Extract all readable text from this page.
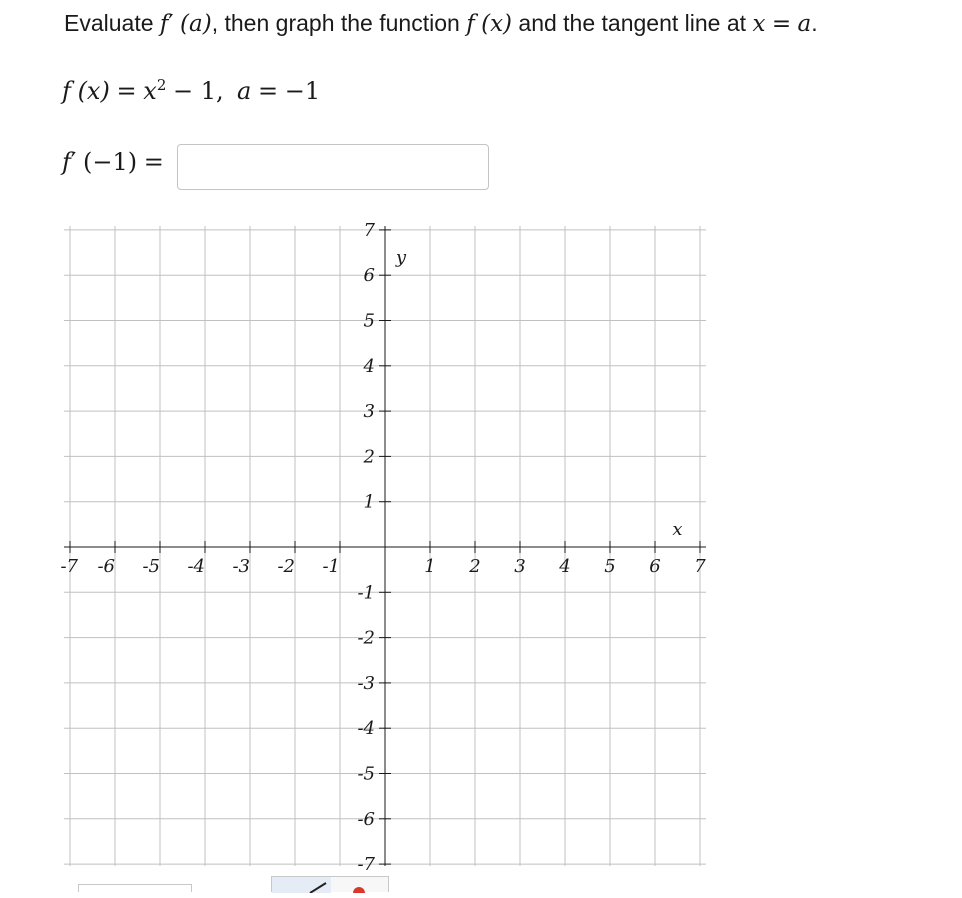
Evaluate f′ (a), then graph the function f (x) and the tangent line at x = a.
f $(x) = x^2 - 1$, a = −1
f′ (−1) =
-7 -6 -5 -4 -3 -2 -1	1 2 3 4 5 6 7
7
6
5
4
3
2
1
-1
-2
-3
-4
-5
-6
-7
x
y
